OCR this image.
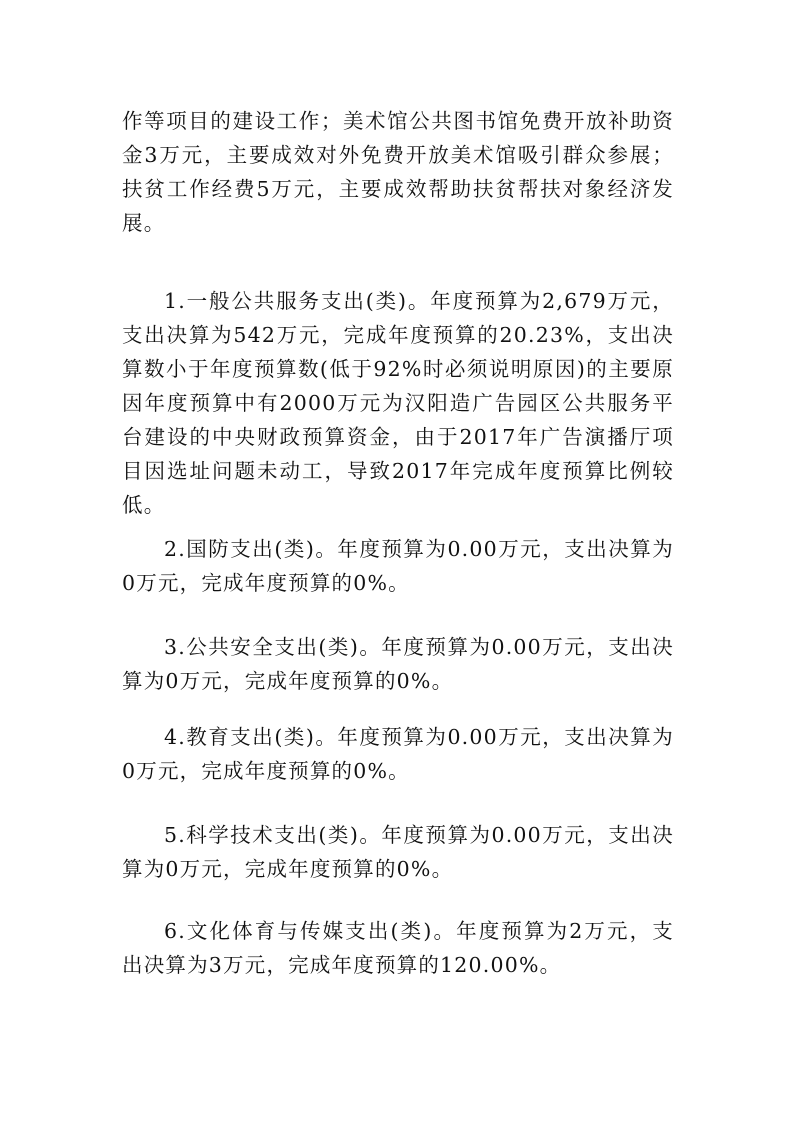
作等项目的建设工作；美术馆公共图书馆免费开放补助资金3万元，主要成效对外免费开放美术馆吸引群众参展；扶贫工作经费5万元，主要成效帮助扶贫帮扶对象经济发展。

1.一般公共服务支出(类)。年度预算为2,679万元，支出决算为542万元，完成年度预算的20.23%，支出决算数小于年度预算数(低于92%时必须说明原因)的主要原因年度预算中有2000万元为汉阳造广告园区公共服务平台建设的中央财政预算资金，由于2017年广告演播厅项目因选址问题未动工，导致2017年完成年度预算比例较低。

2.国防支出(类)。年度预算为0.00万元，支出决算为0万元，完成年度预算的0%。

3.公共安全支出(类)。年度预算为0.00万元，支出决算为0万元，完成年度预算的0%。

4.教育支出(类)。年度预算为0.00万元，支出决算为0万元，完成年度预算的0%。

5.科学技术支出(类)。年度预算为0.00万元，支出决算为0万元，完成年度预算的0%。

6.文化体育与传媒支出(类)。年度预算为2万元，支出决算为3万元，完成年度预算的120.00%。
